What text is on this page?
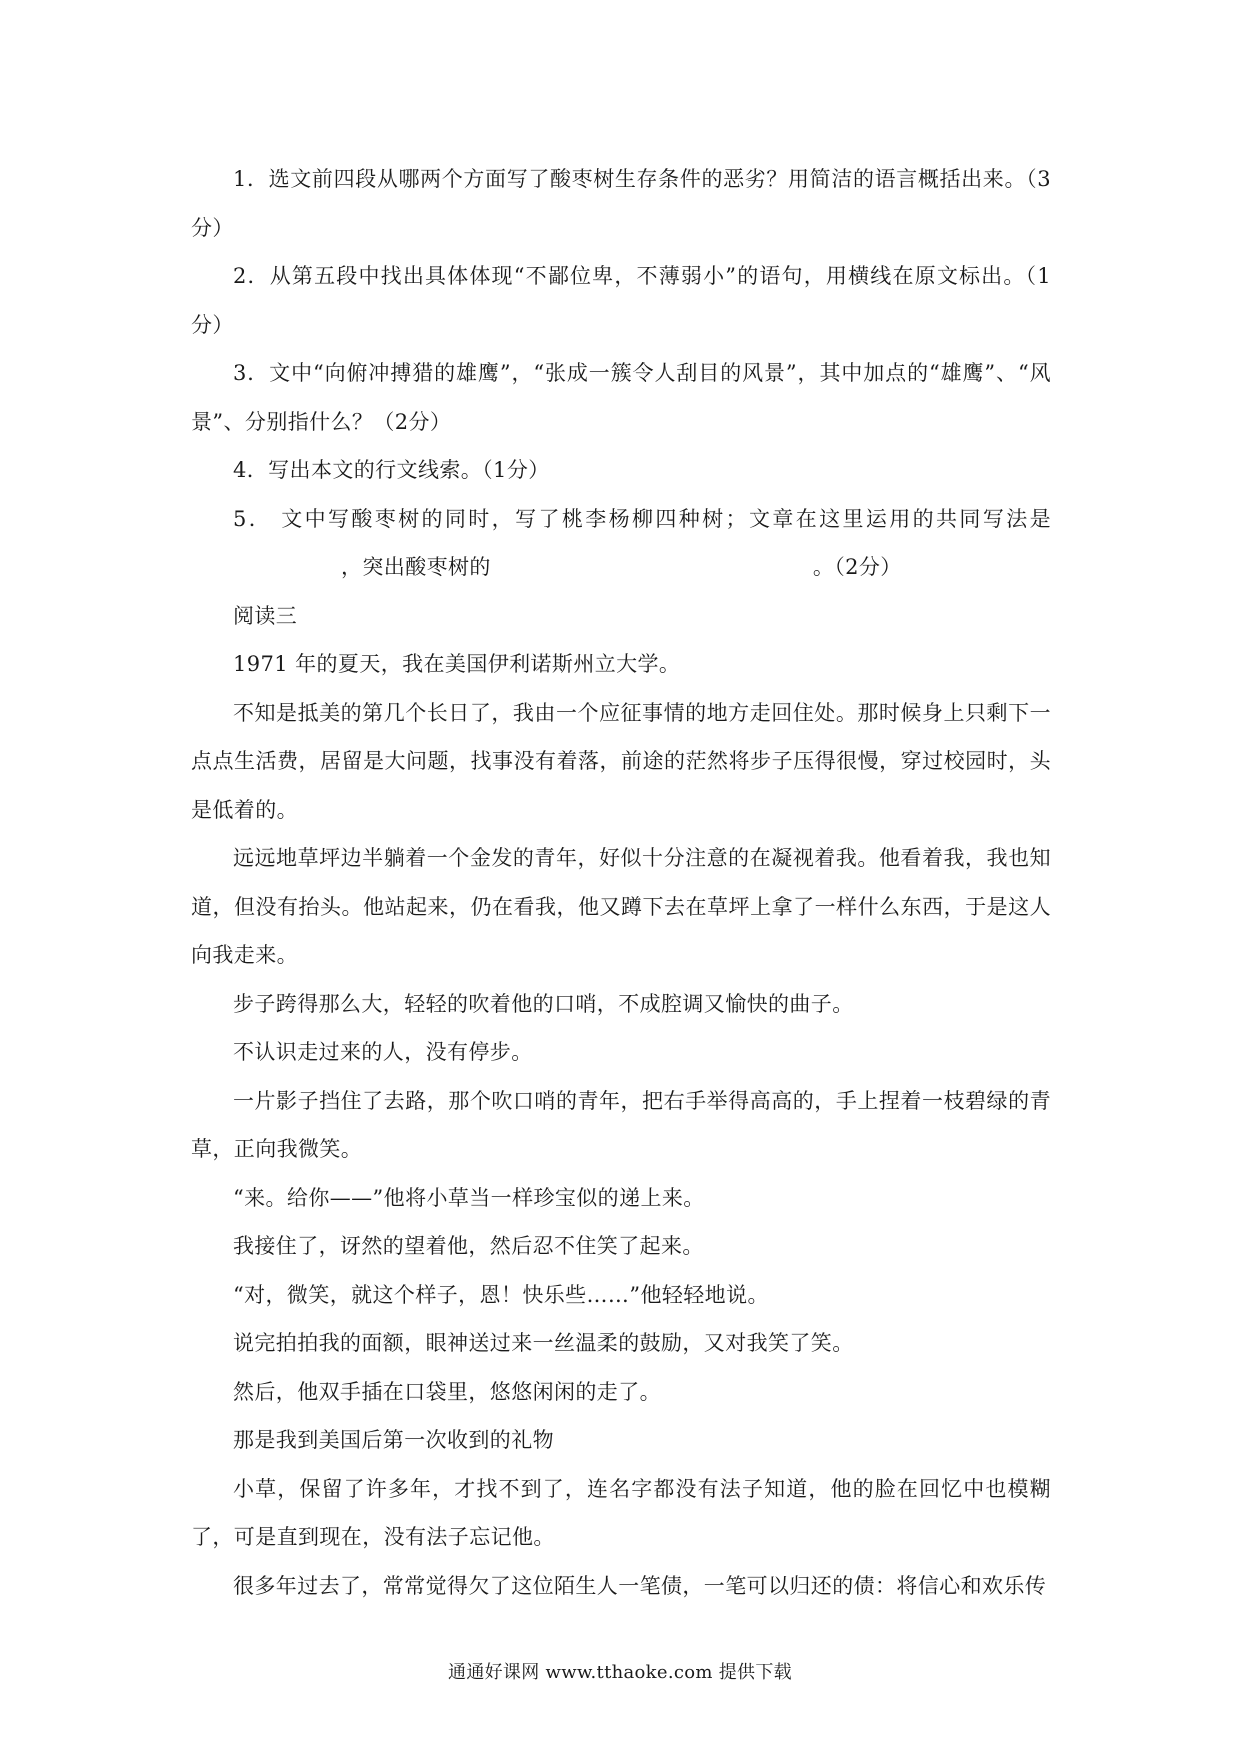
1．选文前四段从哪两个方面写了酸枣树生存条件的恶劣？用简洁的语言概括出来。（3分）

2．从第五段中找出具体体现“不鄙位卑，不薄弱小”的语句，用横线在原文标出。（1分）

3．文中“向俯冲搏猎的雄鹰”，“张成一簇令人刮目的风景”，其中加点的“雄鹰”、“风景”、分别指什么？（2分）

4．写出本文的行文线索。（1分）

5． 文中写酸枣树的同时，写了桃李杨柳四种树；文章在这里运用的共同写法是，突出酸枣树的	。（2分）

阅读三

1971 年的夏天，我在美国伊利诺斯州立大学。

不知是抵美的第几个长日了，我由一个应征事情的地方走回住处。那时候身上只剩下一点点生活费，居留是大问题，找事没有着落，前途的茫然将步子压得很慢，穿过校园时，头是低着的。

远远地草坪边半躺着一个金发的青年，好似十分注意的在凝视着我。他看着我，我也知道，但没有抬头。他站起来，仍在看我，他又蹲下去在草坪上拿了一样什么东西，于是这人向我走来。

步子跨得那么大，轻轻的吹着他的口哨，不成腔调又愉快的曲子。

不认识走过来的人，没有停步。

一片影子挡住了去路，那个吹口哨的青年，把右手举得高高的，手上捏着一枝碧绿的青草，正向我微笑。

“来。给你——”他将小草当一样珍宝似的递上来。

我接住了，讶然的望着他，然后忍不住笑了起来。

“对，微笑，就这个样子，恩！快乐些……”他轻轻地说。

说完拍拍我的面额，眼神送过来一丝温柔的鼓励，又对我笑了笑。

然后，他双手插在口袋里，悠悠闲闲的走了。

那是我到美国后第一次收到的礼物

小草，保留了许多年，才找不到了，连名字都没有法子知道，他的脸在回忆中也模糊了，可是直到现在，没有法子忘记他。

很多年过去了，常常觉得欠了这位陌生人一笔债，一笔可以归还的债：将信心和欢乐传

通通好课网 www.tthaoke.com 提供下载
